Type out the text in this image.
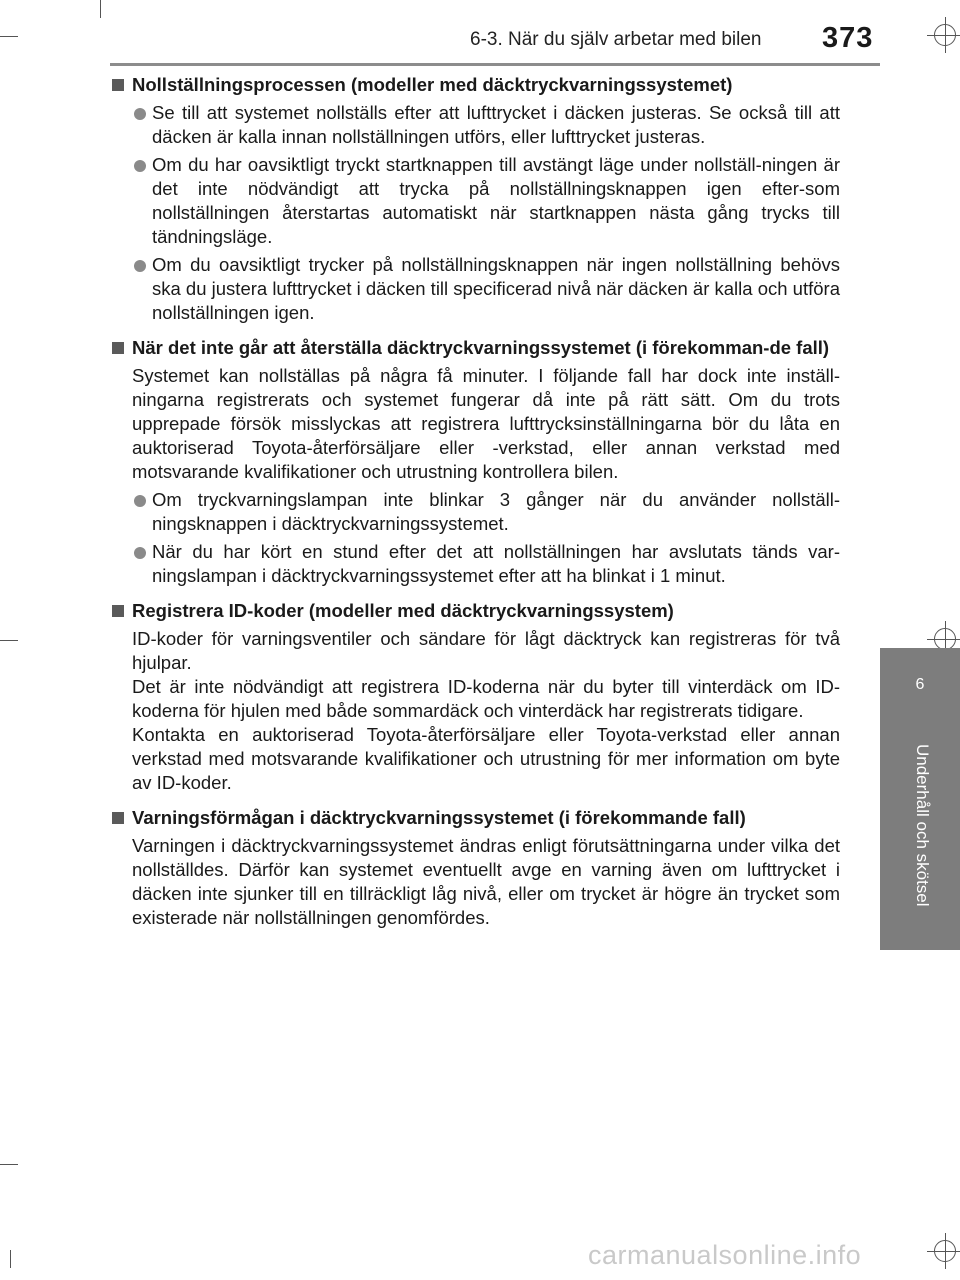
6-3. När du själv arbetar med bilen 373
6
Underhåll och skötsel
Nollställningsprocessen (modeller med däcktryckvarningssystemet)
Se till att systemet nollställs efter att lufttrycket i däcken justeras. Se också till att däcken är kalla innan nollställningen utförs, eller lufttrycket justeras.
Om du har oavsiktligt tryckt startknappen till avstängt läge under nollställ-ningen är det inte nödvändigt att trycka på nollställningsknappen igen efter-som nollställningen återstartas automatiskt när startknappen nästa gång trycks till tändningsläge.
Om du oavsiktligt trycker på nollställningsknappen när ingen nollställning behövs ska du justera lufttrycket i däcken till specificerad nivå när däcken är kalla och utföra nollställningen igen.
När det inte går att återställa däcktryckvarningssystemet (i förekomman-de fall)
Systemet kan nollställas på några få minuter. I följande fall har dock inte inställ-ningarna registrerats och systemet fungerar då inte på rätt sätt. Om du trots upprepade försök misslyckas att registrera lufttrycksinställningarna bör du låta en auktoriserad Toyota-återförsäljare eller -verkstad, eller annan verkstad med motsvarande kvalifikationer och utrustning kontrollera bilen.
Om tryckvarningslampan inte blinkar 3 gånger när du använder nollställ-ningsknappen i däcktryckvarningssystemet.
När du har kört en stund efter det att nollställningen har avslutats tänds var-ningslampan i däcktryckvarningssystemet efter att ha blinkat i 1 minut.
Registrera ID-koder (modeller med däcktryckvarningssystem)
ID-koder för varningsventiler och sändare för lågt däcktryck kan registreras för två hjulpar.
Det är inte nödvändigt att registrera ID-koderna när du byter till vinterdäck om ID-koderna för hjulen med både sommardäck och vinterdäck har registrerats tidigare.
Kontakta en auktoriserad Toyota-återförsäljare eller Toyota-verkstad eller annan verkstad med motsvarande kvalifikationer och utrustning för mer information om byte av ID-koder.
Varningsförmågan i däcktryckvarningssystemet (i förekommande fall)
Varningen i däcktryckvarningssystemet ändras enligt förutsättningarna under vilka det nollställdes. Därför kan systemet eventuellt avge en varning även om lufttrycket i däcken inte sjunker till en tillräckligt låg nivå, eller om trycket är högre än trycket som existerade när nollställningen genomfördes.
carmanualsonline.info
